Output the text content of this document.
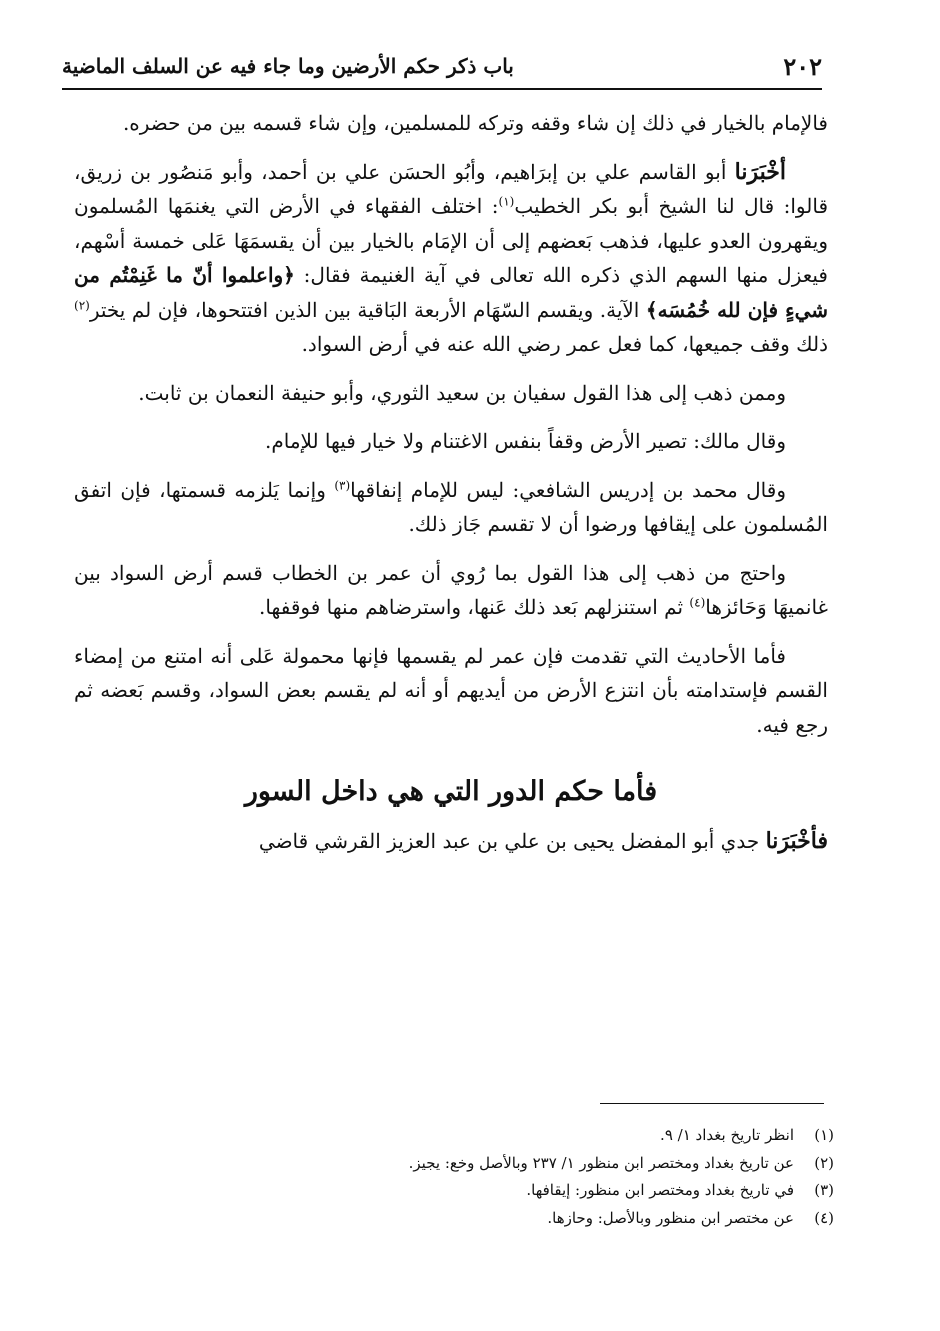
٢٠٢
باب ذكر حكم الأرضين وما جاء فيه عن السلف الماضية

فالإمام بالخيار في ذلك إن شاء وقفه وتركه للمسلمين، وإن شاء قسمه بين من حضره.

أخْبَرَنا أبو القاسم علي بن إبرَاهيم، وأبُو الحسَن علي بن أحمد، وأبو مَنصُور بن زريق، قالوا: قال لنا الشيخ أبو بكر الخطيب$^{(١)}$: اختلف الفقهاء في الأرض التي يغنمَها المُسلمون ويقهرون العدو عليها، فذهب بَعضهم إلى أن الإمَام بالخيار بين أن يقسمَهَا عَلى خمسة أسْهم، فيعزل منها السهم الذي ذكره الله تعالى في آية الغنيمة فقال: ﴿واعلموا أنّ ما غَنِمْتُم من شيءٍ فإن لله خُمُسَه﴾ الآية. ويقسم السّهَام الأربعة البَاقية بين الذين افتتحوها، فإن لم يختر$^{(٢)}$ ذلك وقف جميعها، كما فعل عمر رضي الله عنه في أرض السواد.

وممن ذهب إلى هذا القول سفيان بن سعيد الثوري، وأبو حنيفة النعمان بن ثابت.

وقال مالك: تصير الأرض وقفاً بنفس الاغتنام ولا خيار فيها للإمام.

وقال محمد بن إدريس الشافعي: ليس للإمام إنفاقها$^{(٣)}$ وإنما يَلزمه قسمتها، فإن اتفق المُسلمون على إيقافها ورضوا أن لا تقسم جَاز ذلك.

واحتج من ذهب إلى هذا القول بما رُوي أن عمر بن الخطاب قسم أرض السواد بين غانميهَا وَحَائزها$^{(٤)}$ ثم استنزلهم بَعد ذلك عَنها، واسترضاهم منها فوقفها.

فأما الأحاديث التي تقدمت فإن عمر لم يقسمها فإنها محمولة عَلى أنه امتنع من إمضاء القسم فإستدامته بأن انتزع الأرض من أيديهم أو أنه لم يقسم بعض السواد، وقسم بَعضه ثم رجع فيه.

فأما حكم الدور التي هي داخل السور

فأخْبَرَنا جدي أبو المفضل يحيى بن علي بن عبد العزيز القرشي قاضي

(١)
انظر تاريخ بغداد ١/ ٩.
(٢)
عن تاريخ بغداد ومختصر ابن منظور ١/ ٢٣٧ وبالأصل وخع: يجيز.
(٣)
في تاريخ بغداد ومختصر ابن منظور: إيقافها.
(٤)
عن مختصر ابن منظور وبالأصل: وحازها.
